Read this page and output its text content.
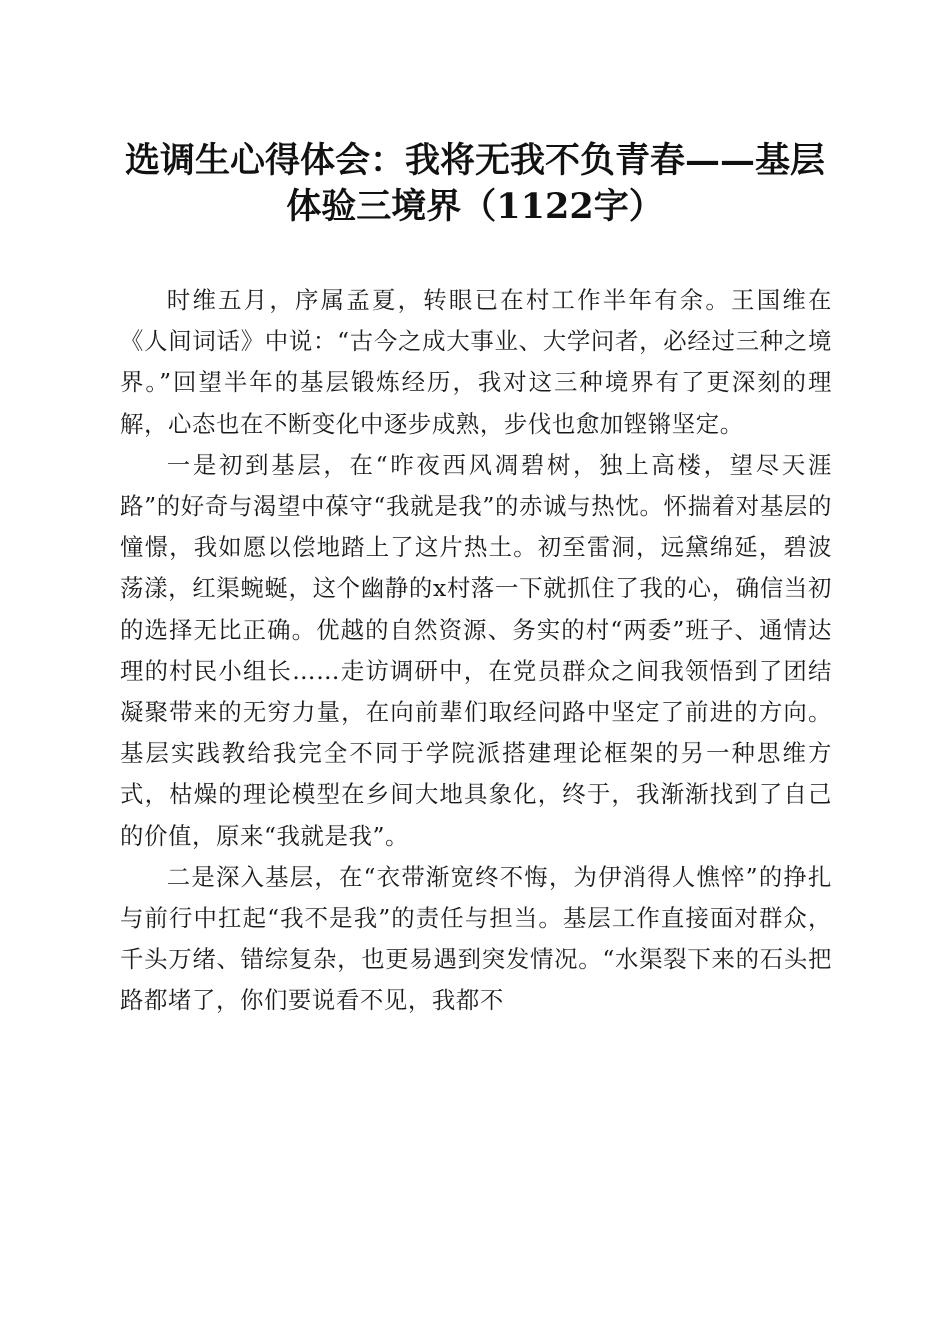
选调生心得体会：我将无我不负青春——基层
体验三境界（1122字）

时维五月，序属孟夏，转眼已在村工作半年有余。王国维在《人间词话》中说：“古今之成大事业、大学问者，必经过三种之境界。”回望半年的基层锻炼经历，我对这三种境界有了更深刻的理解，心态也在不断变化中逐步成熟，步伐也愈加铿锵坚定。

一是初到基层，在“昨夜西风凋碧树，独上高楼，望尽天涯路”的好奇与渴望中葆守“我就是我”的赤诚与热忱。怀揣着对基层的憧憬，我如愿以偿地踏上了这片热土。初至雷洞，远黛绵延，碧波荡漾，红渠蜿蜒，这个幽静的x村落一下就抓住了我的心，确信当初的选择无比正确。优越的自然资源、务实的村“两委”班子、通情达理的村民小组长……走访调研中，在党员群众之间我领悟到了团结凝聚带来的无穷力量，在向前辈们取经问路中坚定了前进的方向。基层实践教给我完全不同于学院派搭建理论框架的另一种思维方式，枯燥的理论模型在乡间大地具象化，终于，我渐渐找到了自己的价值，原来“我就是我”。

二是深入基层，在“衣带渐宽终不悔，为伊消得人憔悴”的挣扎与前行中扛起“我不是我”的责任与担当。基层工作直接面对群众，千头万绪、错综复杂，也更易遇到突发情况。“水渠裂下来的石头把路都堵了，你们要说看不见，我都不
